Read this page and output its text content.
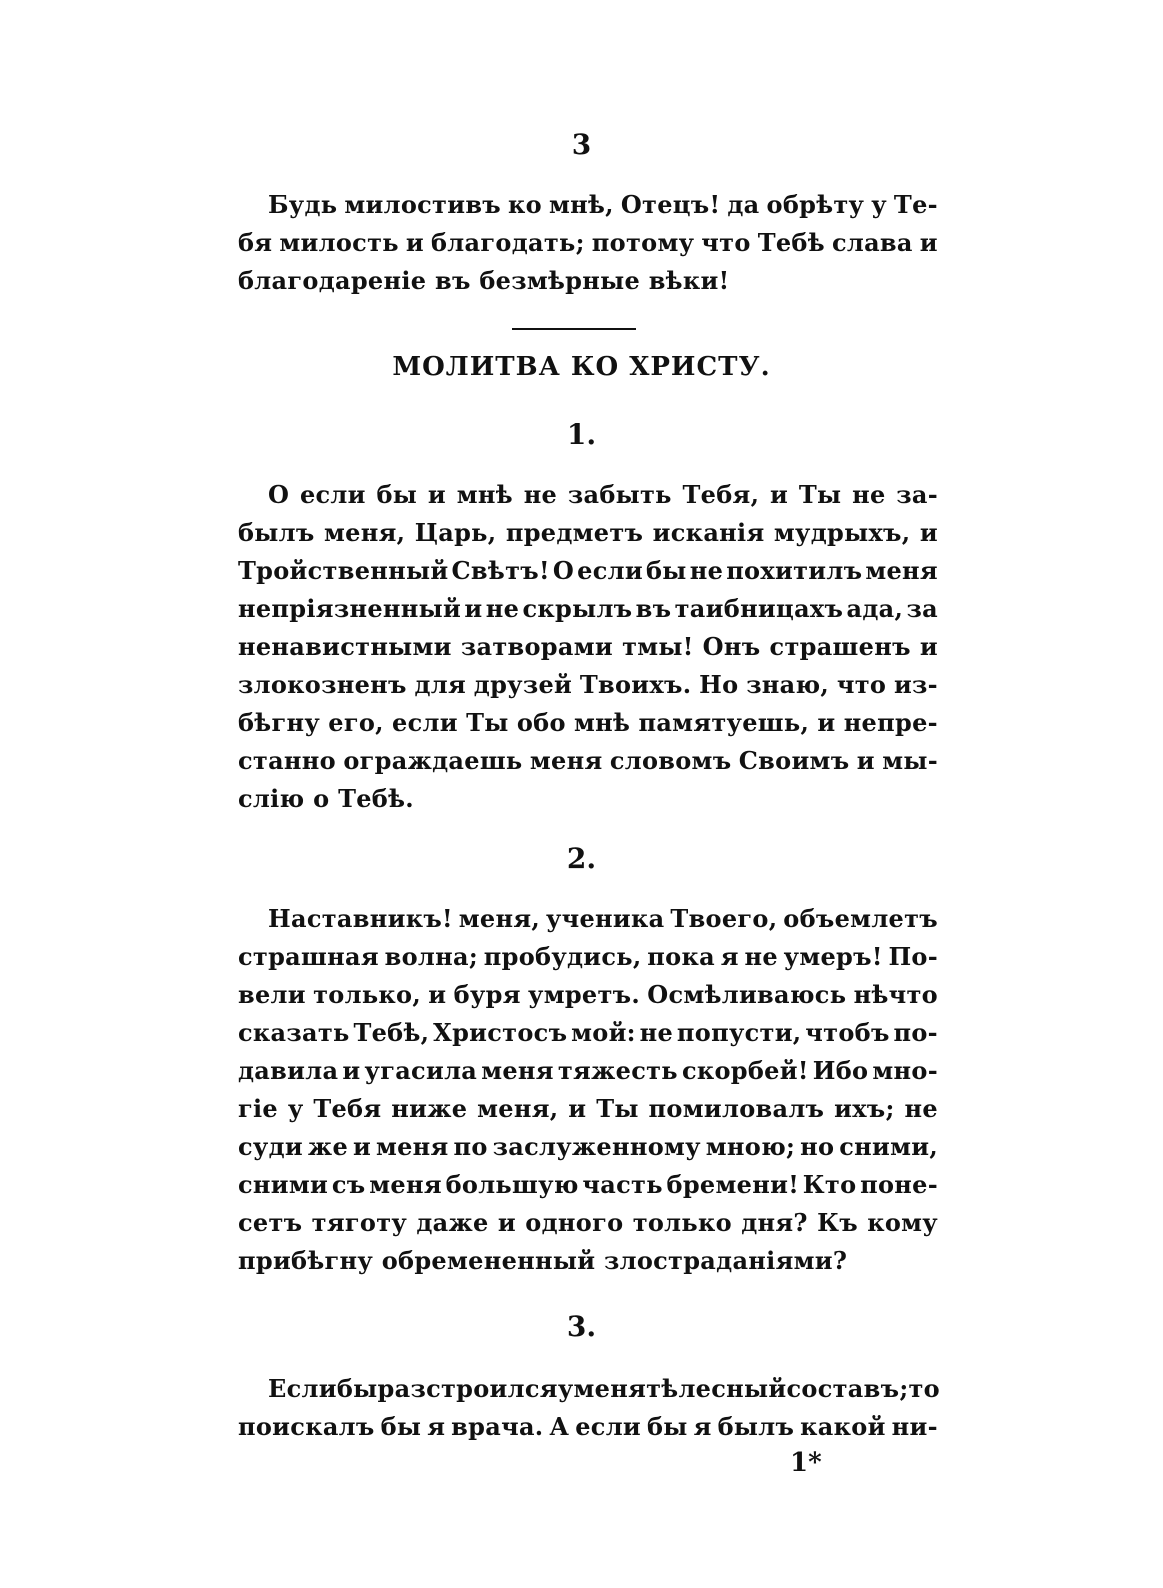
3
Будь милостивъ ко мнѣ, Отецъ! да обрѣту у Те-
бя милость и благодать; потому что Тебѣ слава и
благодареніе въ безмѣрные вѣки!
МОЛИТВА КО ХРИСТУ.
1.
О если бы и мнѣ не забыть Тебя, и Ты не за-
былъ меня, Царь, предметъ исканія мудрыхъ, и
Тройственный Свѣтъ! О если бы не похитилъ меня
непріязненный и не скрылъ въ таибницахъ ада, за
ненавистными затворами тмы! Онъ страшенъ и
злокозненъ для друзей Твоихъ. Но знаю, что из-
бѣгну его, если Ты обо мнѣ памятуешь, и непре-
станно ограждаешь меня словомъ Своимъ и мы-
слію о Тебѣ.
2.
Наставникъ! меня, ученика Твоего, объемлетъ
страшная волна; пробудись, пока я не умеръ! По-
вели только, и буря умретъ. Осмѣливаюсь нѣчто
сказать Тебѣ, Христосъ мой: не попусти, чтобъ по-
давила и угасила меня тяжесть скорбей! Ибо мно-
гіе у Тебя ниже меня, и Ты помиловалъ ихъ; не
суди же и меня по заслуженному мною; но сними,
сними съ меня большую часть бремени! Кто поне-
сетъ тяготу даже и одного только дня? Къ кому
прибѣгну обремененный злостраданіями?
3.
Если бы разстроился у меня тѣлесный составъ; то
поискалъ бы я врача. А если бы я былъ какой ни-
1*
